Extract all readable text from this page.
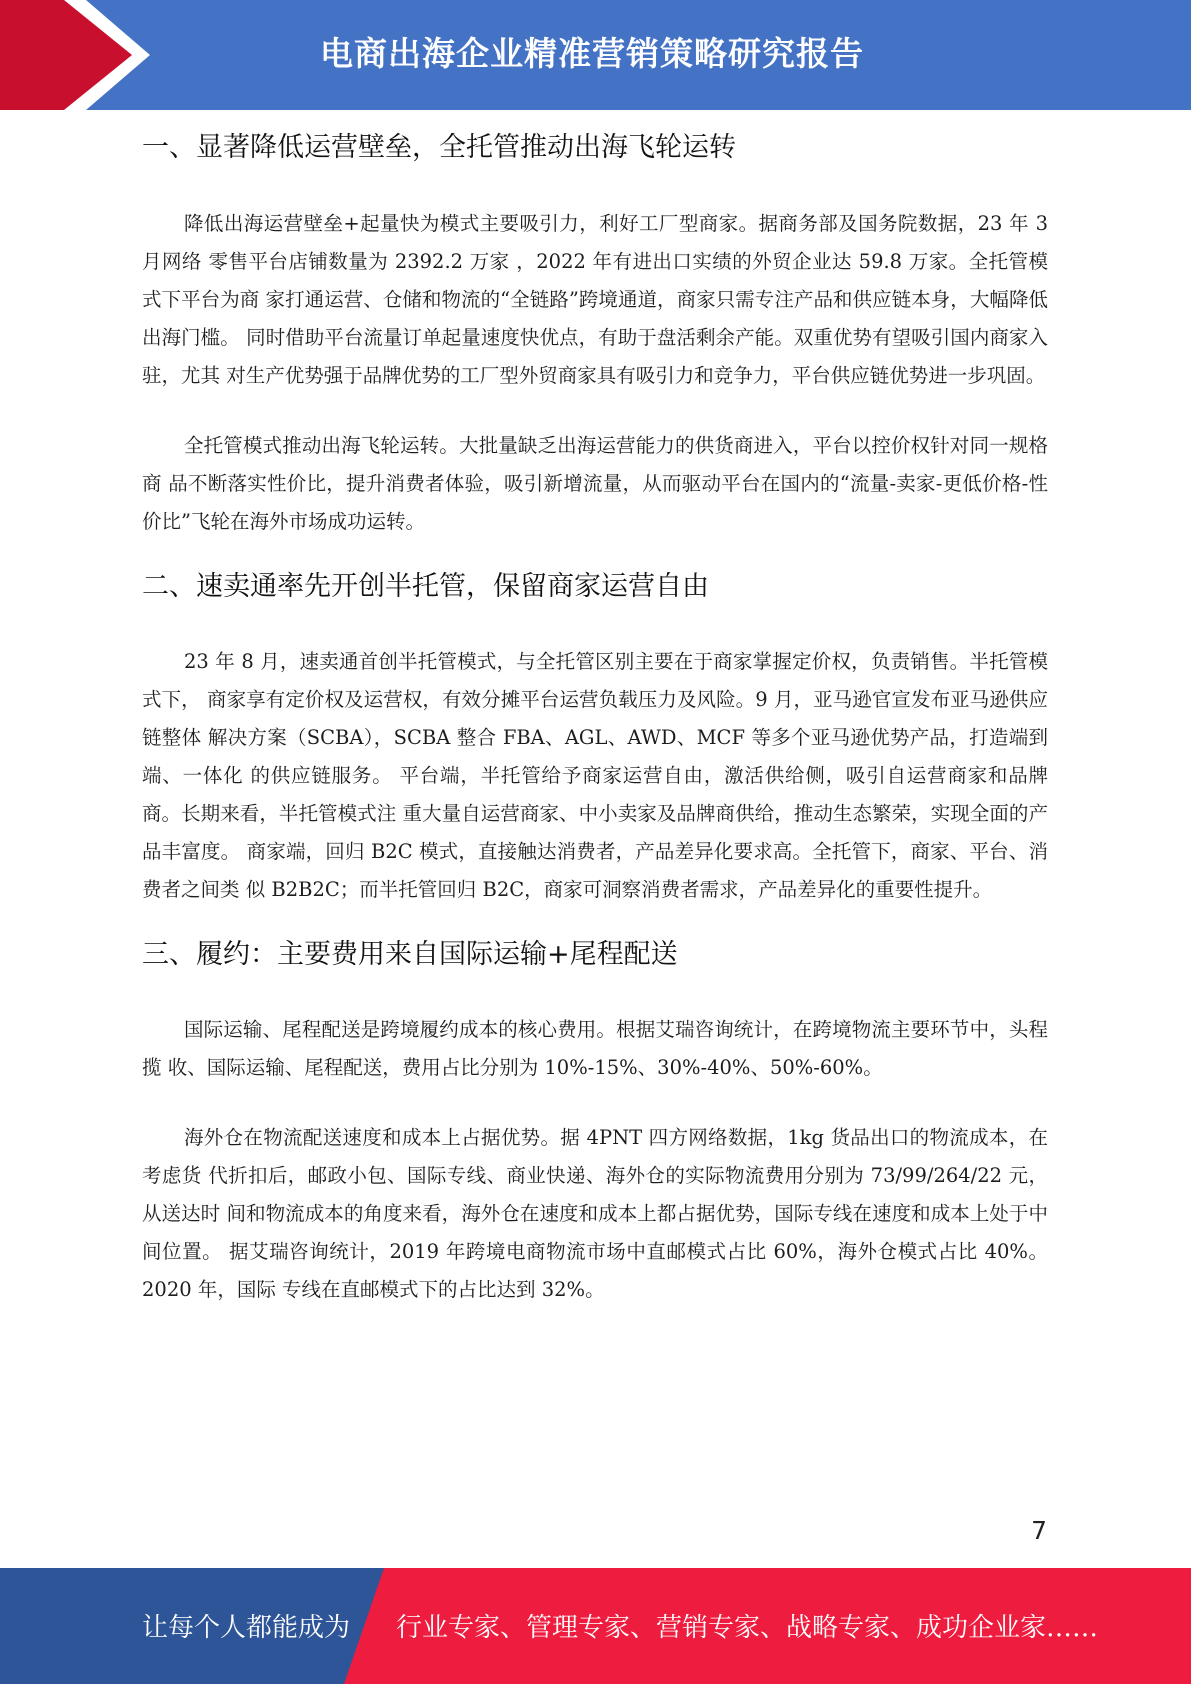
电商出海企业精准营销策略研究报告
一、显著降低运营壁垒，全托管推动出海飞轮运转

降低出海运营壁垒+起量快为模式主要吸引力，利好工厂型商家。据商务部及国务院数据，23 年 3 月网络 零售平台店铺数量为 2392.2 万家 ，2022 年有进出口实绩的外贸企业达 59.8 万家。全托管模式下平台为商 家打通运营、仓储和物流的“全链路”跨境通道，商家只需专注产品和供应链本身，大幅降低出海门槛。 同时借助平台流量订单起量速度快优点，有助于盘活剩余产能。双重优势有望吸引国内商家入驻，尤其 对生产优势强于品牌优势的工厂型外贸商家具有吸引力和竞争力，平台供应链优势进一步巩固。

全托管模式推动出海飞轮运转。大批量缺乏出海运营能力的供货商进入，平台以控价权针对同一规格商 品不断落实性价比，提升消费者体验，吸引新增流量，从而驱动平台在国内的“流量-卖家-更低价格-性 价比”飞轮在海外市场成功运转。

二、速卖通率先开创半托管，保留商家运营自由

23 年 8 月，速卖通首创半托管模式，与全托管区别主要在于商家掌握定价权，负责销售。半托管模式下， 商家享有定价权及运营权，有效分摊平台运营负载压力及风险。9 月，亚马逊官宣发布亚马逊供应链整体 解决方案（SCBA），SCBA 整合 FBA、AGL、AWD、MCF 等多个亚马逊优势产品，打造端到端、一体化 的供应链服务。 平台端，半托管给予商家运营自由，激活供给侧，吸引自运营商家和品牌商。长期来看，半托管模式注 重大量自运营商家、中小卖家及品牌商供给，推动生态繁荣，实现全面的产品丰富度。 商家端，回归 B2C 模式，直接触达消费者，产品差异化要求高。全托管下，商家、平台、消费者之间类 似 B2B2C；而半托管回归 B2C，商家可洞察消费者需求，产品差异化的重要性提升。

三、履约：主要费用来自国际运输+尾程配送

国际运输、尾程配送是跨境履约成本的核心费用。根据艾瑞咨询统计，在跨境物流主要环节中，头程揽 收、国际运输、尾程配送，费用占比分别为 10%-15%、30%-40%、50%-60%。

海外仓在物流配送速度和成本上占据优势。据 4PNT 四方网络数据，1kg 货品出口的物流成本，在考虑货 代折扣后，邮政小包、国际专线、商业快递、海外仓的实际物流费用分别为 73/99/264/22 元，从送达时 间和物流成本的角度来看，海外仓在速度和成本上都占据优势，国际专线在速度和成本上处于中间位置。 据艾瑞咨询统计，2019 年跨境电商物流市场中直邮模式占比 60%，海外仓模式占比 40%。2020 年，国际 专线在直邮模式下的占比达到 32%。

7
让每个人都能成为 行业专家、管理专家、营销专家、战略专家、成功企业家……
